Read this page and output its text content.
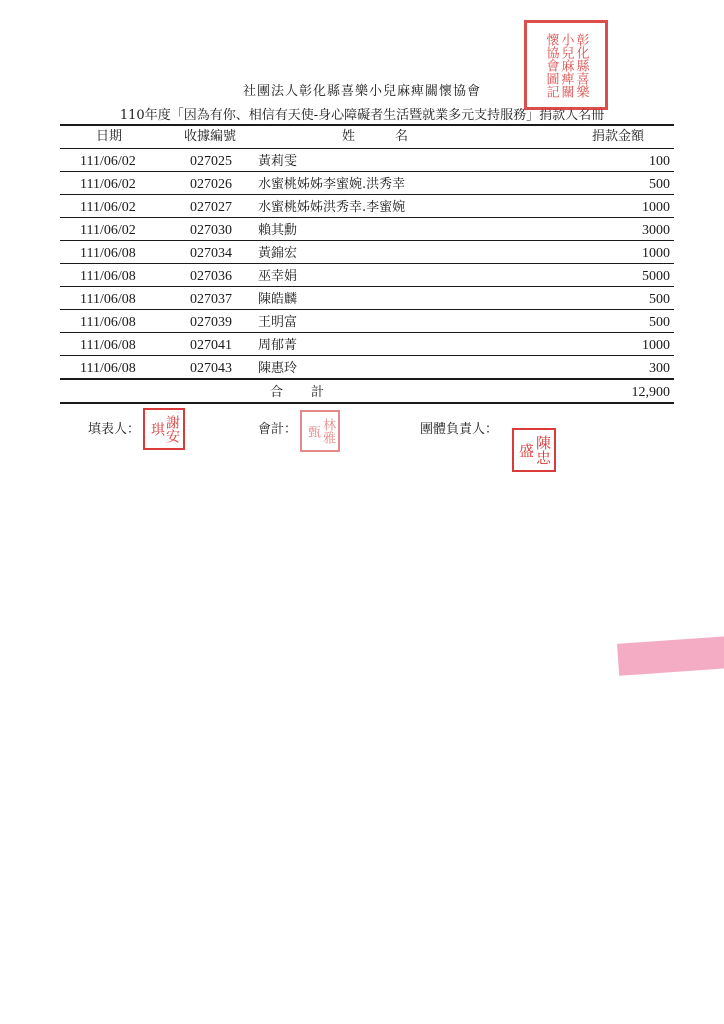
社團法人彰化縣喜樂小兒麻痺關懷協會
110年度「因為有你、相信有天使-身心障礙者生活暨就業多元支持服務」捐款人名冊
日期	收據編號	姓名	捐款金額
111/06/02	027025	黃莉雯	100
111/06/02	027026	水蜜桃姊姊李蜜婉.洪秀幸	500
111/06/02	027027	水蜜桃姊姊洪秀幸.李蜜婉	1000
111/06/02	027030	賴其勳	3000
111/06/08	027034	黃錦宏	1000
111/06/08	027036	巫幸娟	5000
111/06/08	027037	陳皓麟	500
111/06/08	027039	王明富	500
111/06/08	027041	周郁菁	1000
111/06/08	027043	陳惠玲	300
合計	12,900
填表人：	會計：	團體負責人：
彰化縣喜樂小兒麻痺關懷協會圖記
謝安琪	林雅甄
陳忠盛
